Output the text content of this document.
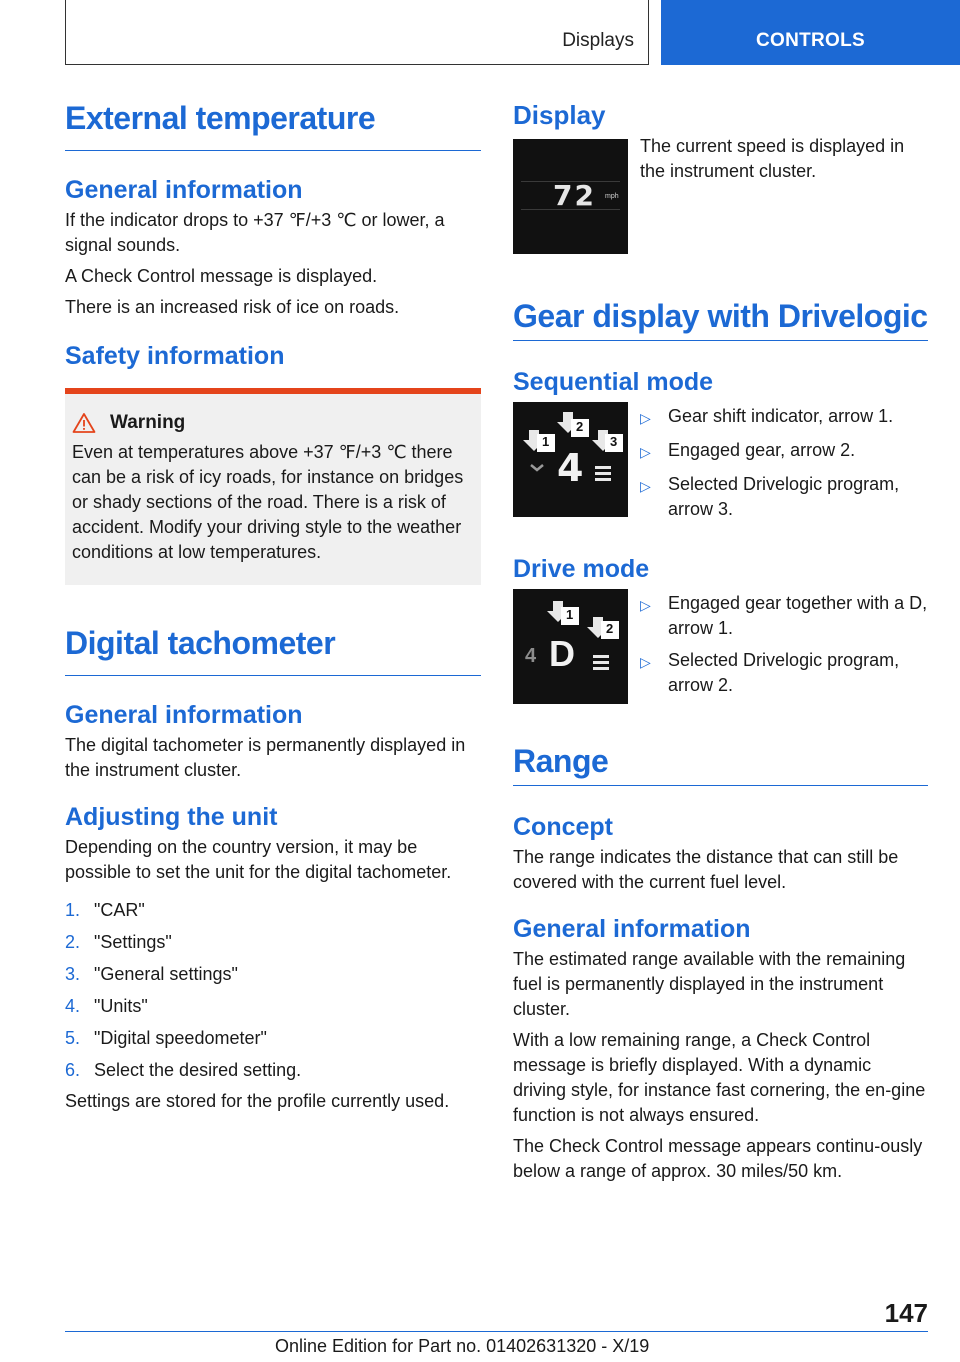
Displays	CONTROLS
External temperature
General information

If the indicator drops to +37 ℉/+3 ℃ or lower, a signal sounds.

A Check Control message is displayed.

There is an increased risk of ice on roads.

Safety information
Warning

Even at temperatures above +37 ℉/+3 ℃ there can be a risk of icy roads, for instance on bridges or shady sections of the road. There is a risk of accident. Modify your driving style to the weather conditions at low temperatures.

Digital tachometer
General information

The digital tachometer is permanently displayed in the instrument cluster.

Adjusting the unit

Depending on the country version, it may be possible to set the unit for the digital tachometer.

1. "CAR"
2. "Settings"
3. "General settings"
4. "Units"
5. "Digital speedometer"
6. Select the desired setting.

Settings are stored for the profile currently used.

Display
72 mph

The current speed is displayed in the instrument cluster.

Gear display with Drivelogic
Sequential mode
1
2
3
4
▷ Gear shift indicator, arrow 1.
▷ Engaged gear, arrow 2.
▷ Selected Drivelogic program, arrow 3.
Drive mode
1
2
4 D
▷ Engaged gear together with a D, arrow 1.
▷ Selected Drivelogic program, arrow 2.
Range
Concept

The range indicates the distance that can still be covered with the current fuel level.

General information

The estimated range available with the remaining fuel is permanently displayed in the instrument cluster.

With a low remaining range, a Check Control message is briefly displayed. With a dynamic driving style, for instance fast cornering, the en-gine function is not always ensured.

The Check Control message appears continu-ously below a range of approx. 30 miles/50 km.

147
Online Edition for Part no. 01402631320 - X/19
